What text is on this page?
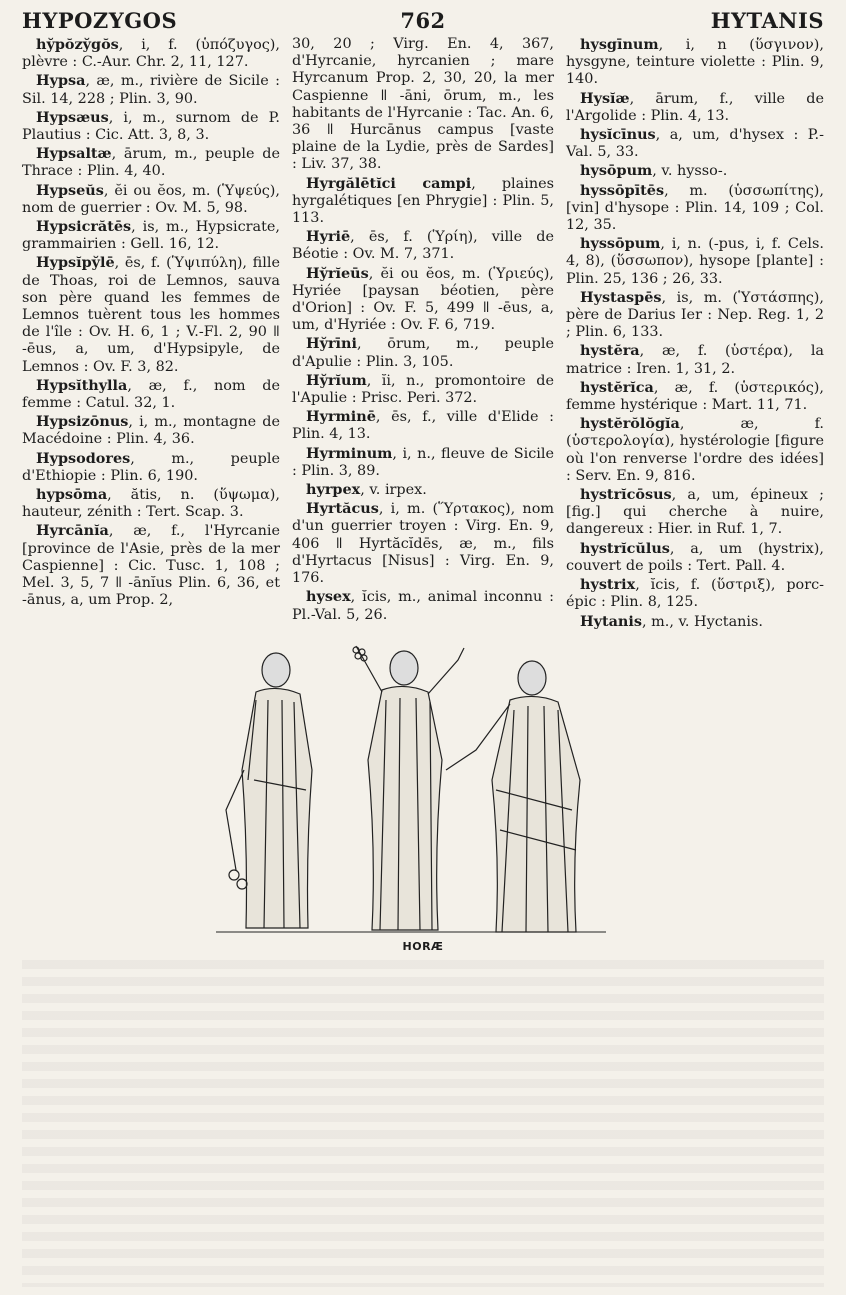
HYPOZYGOS	762	HYTANIS

hy̆pŏzy̆gŏs, i, f. (ὑπόζυγος), plèvre : C.-Aur. Chr. 2, 11, 127.

Hypsa, æ, m., rivière de Sicile : Sil. 14, 228 ; Plin. 3, 90.

Hypsæus, i, m., surnom de P. Plautius : Cic. Att. 3, 8, 3.

Hypsaltæ, ārum, m., peuple de Thrace : Plin. 4, 40.

Hypseŭs, ĕi ou ĕos, m. (Ὑψεύς), nom de guerrier : Ov. M. 5, 98.

Hypsicrătēs, is, m., Hypsicrate, grammairien : Gell. 16, 12.

Hypsĭpy̆lē, ēs, f. (Ὑψιπύλη), fille de Thoas, roi de Lemnos, sauva son père quand les femmes de Lemnos tuèrent tous les hommes de l'île : Ov. H. 6, 1 ; V.-Fl. 2, 90 ǁ -ēus, a, um, d'Hypsipyle, de Lemnos : Ov. F. 3, 82.

Hypsĭthylla, æ, f., nom de femme : Catul. 32, 1.

Hypsizōnus, i, m., montagne de Macédoine : Plin. 4, 36.

Hypsodores, m., peuple d'Ethiopie : Plin. 6, 190.

hypsōma, ătis, n. (ὕψωμα), hauteur, zénith : Tert. Scap. 3.

Hyrcānĭa, æ, f., l'Hyrcanie [province de l'Asie, près de la mer Caspienne] : Cic. Tusc. 1, 108 ; Mel. 3, 5, 7 ǁ -ānĭus Plin. 6, 36, et -ānus, a, um Prop. 2,

30, 20 ; Virg. En. 4, 367, d'Hyrcanie, hyrcanien ; mare Hyrcanum Prop. 2, 30, 20, la mer Caspienne ǁ -āni, ōrum, m., les habitants de l'Hyrcanie : Tac. An. 6, 36 ǁ Hurcānus campus [vaste plaine de la Lydie, près de Sardes] : Liv. 37, 38.

Hyrgălētĭci campi, plaines hyrgalétiques [en Phrygie] : Plin. 5, 113.

Hyriē, ēs, f. (Ὑρίη), ville de Béotie : Ov. M. 7, 371.

Hy̆rĭeūs, ĕi ou ĕos, m. (Ὑριεύς), Hyriée [paysan béotien, père d'Orion] : Ov. F. 5, 499 ǁ -ēus, a, um, d'Hyriée : Ov. F. 6, 719.

Hy̆rīni, ōrum, m., peuple d'Apulie : Plin. 3, 105.

Hy̆rĭum, ĭi, n., promontoire de l'Apulie : Prisc. Peri. 372.

Hyrminē, ēs, f., ville d'Elide : Plin. 4, 13.

Hyrminum, i, n., fleuve de Sicile : Plin. 3, 89.

hyrpex, v. irpex.

Hyrtăcus, i, m. (Ὕρτακος), nom d'un guerrier troyen : Virg. En. 9, 406 ǁ Hyrtăcĭdēs, æ, m., fils d'Hyrtacus [Nisus] : Virg. En. 9, 176.

hysex, ĭcis, m., animal inconnu : Pl.-Val. 5, 26.

hysgīnum, i, n (ὕσγινον), hysgyne, teinture violette : Plin. 9, 140.

Hysĭæ, ārum, f., ville de l'Argolide : Plin. 4, 13.

hysĭcīnus, a, um, d'hysex : P.-Val. 5, 33.

hysōpum, v. hysso-.

hyssōpītēs, m. (ὑσσωπίτης), [vin] d'hysope : Plin. 14, 109 ; Col. 12, 35.

hyssōpum, i, n. (-pus, i, f. Cels. 4, 8), (ὕσσωπον), hysope [plante] : Plin. 25, 136 ; 26, 33.

Hystaspēs, is, m. (Ὑστάσπης), père de Darius Ier : Nep. Reg. 1, 2 ; Plin. 6, 133.

hystĕra, æ, f. (ὑστέρα), la matrice : Iren. 1, 31, 2.

hystĕrĭca, æ, f. (ὑστερικός), femme hystérique : Mart. 11, 71.

hystĕrŏlŏgĭa, æ, f. (ὑστερολογία), hystérologie [figure où l'on renverse l'ordre des idées] : Serv. En. 9, 816.

hystrĭcōsus, a, um, épineux ; [fig.] qui cherche à nuire, dangereux : Hier. in Ruf. 1, 7.

hystrĭcŭlus, a, um (hystrix), couvert de poils : Tert. Pall. 4.

hystrix, ĭcis, f. (ὕστριξ), porc-épic : Plin. 8, 125.

Hytanis, m., v. Hyctanis.

HORÆ
